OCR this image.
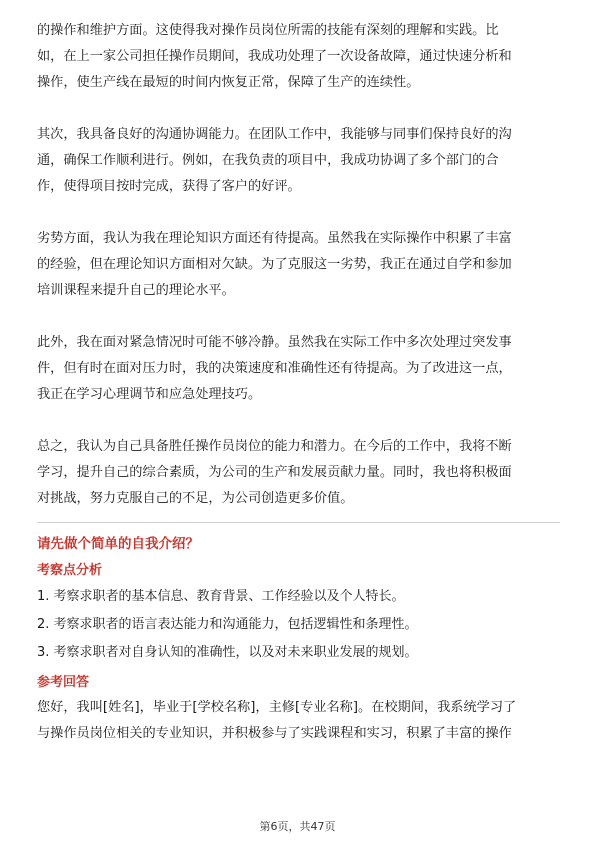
的操作和维护方面。这使得我对操作员岗位所需的技能有深刻的理解和实践。比
如，在上一家公司担任操作员期间，我成功处理了一次设备故障，通过快速分析和
操作，使生产线在最短的时间内恢复正常，保障了生产的连续性。

其次，我具备良好的沟通协调能力。在团队工作中，我能够与同事们保持良好的沟
通，确保工作顺利进行。例如，在我负责的项目中，我成功协调了多个部门的合
作，使得项目按时完成，获得了客户的好评。

劣势方面，我认为我在理论知识方面还有待提高。虽然我在实际操作中积累了丰富
的经验，但在理论知识方面相对欠缺。为了克服这一劣势，我正在通过自学和参加
培训课程来提升自己的理论水平。

此外，我在面对紧急情况时可能不够冷静。虽然我在实际工作中多次处理过突发事
件，但有时在面对压力时，我的决策速度和准确性还有待提高。为了改进这一点，
我正在学习心理调节和应急处理技巧。

总之，我认为自己具备胜任操作员岗位的能力和潜力。在今后的工作中，我将不断
学习，提升自己的综合素质，为公司的生产和发展贡献力量。同时，我也将积极面
对挑战，努力克服自己的不足，为公司创造更多价值。

请先做个简单的自我介绍？

考察点分析

1. 考察求职者的基本信息、教育背景、工作经验以及个人特长。

2. 考察求职者的语言表达能力和沟通能力，包括逻辑性和条理性。

3. 考察求职者对自身认知的准确性，以及对未来职业发展的规划。

参考回答

您好，我叫[姓名]，毕业于[学校名称]，主修[专业名称]。在校期间，我系统学习了
与操作员岗位相关的专业知识，并积极参与了实践课程和实习，积累了丰富的操作

第6页，共47页
